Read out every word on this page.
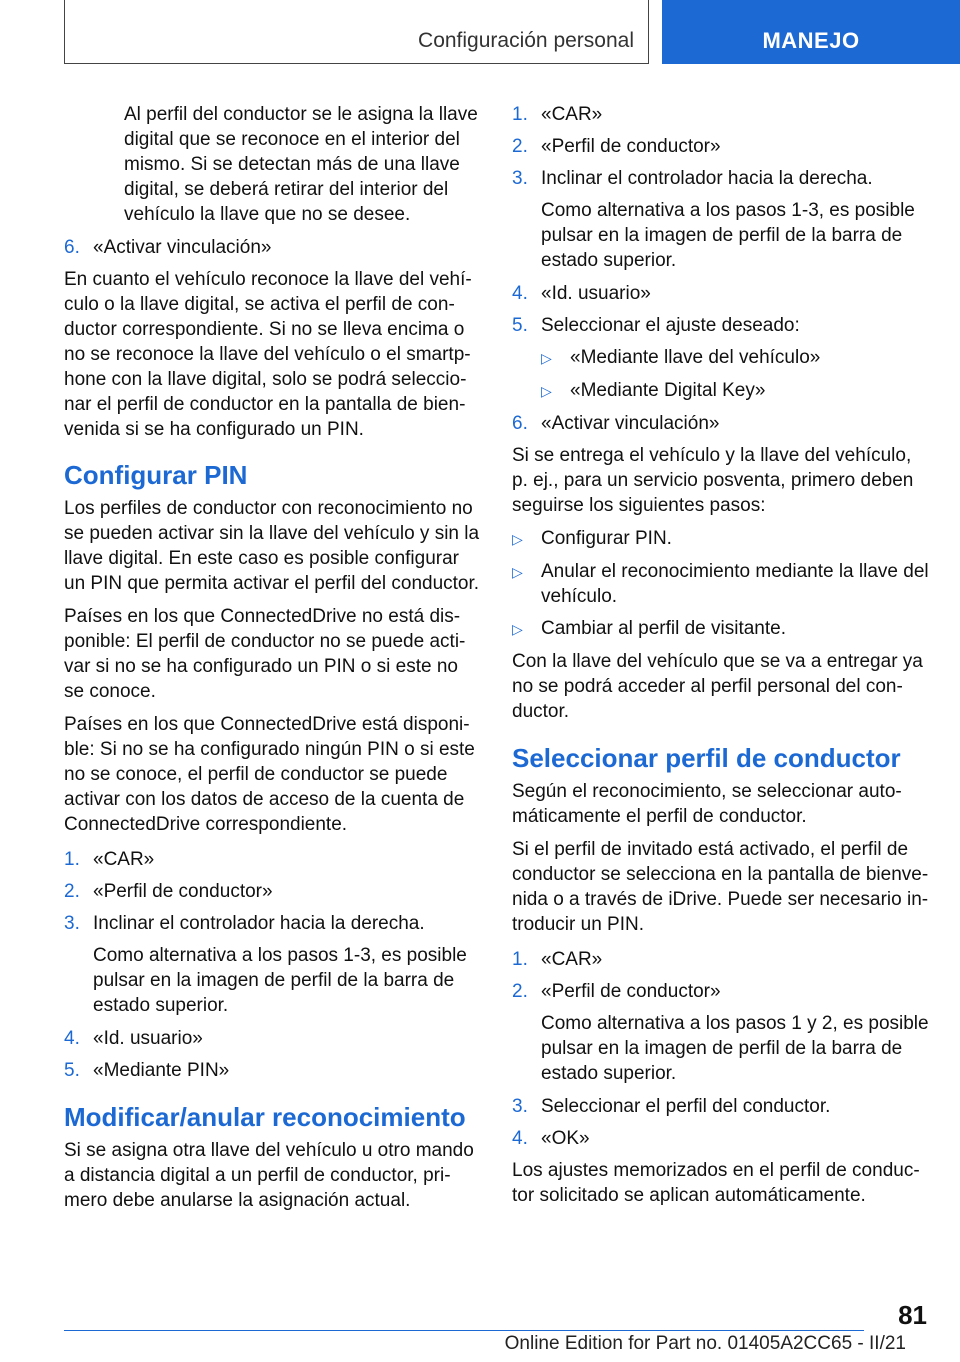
Configuración personal	MANEJO

Al perfil del conductor se le asigna la llave digital que se reconoce en el interior del mismo. Si se detectan más de una llave digital, se deberá retirar del interior del vehículo la llave que no se desee.

6. «Activar vinculación»

En cuanto el vehículo reconoce la llave del vehículo o la llave digital, se activa el perfil de conductor correspondiente. Si no se lleva encima o no se reconoce la llave del vehículo o el smartphone con la llave digital, solo se podrá seleccionar el perfil de conductor en la pantalla de bienvenida si se ha configurado un PIN.

Configurar PIN

Los perfiles de conductor con reconocimiento no se pueden activar sin la llave del vehículo y sin la llave digital. En este caso es posible configurar un PIN que permita activar el perfil del conductor.

Países en los que ConnectedDrive no está disponible: El perfil de conductor no se puede activar si no se ha configurado un PIN o si este no se conoce.

Países en los que ConnectedDrive está disponible: Si no se ha configurado ningún PIN o si este no se conoce, el perfil de conductor se puede activar con los datos de acceso de la cuenta de ConnectedDrive correspondiente.

1. «CAR»
2. «Perfil de conductor»
3. Inclinar el controlador hacia la derecha.

Como alternativa a los pasos 1-3, es posible pulsar en la imagen de perfil de la barra de estado superior.

4. «Id. usuario»
5. «Mediante PIN»
Modificar/anular reconocimiento

Si se asigna otra llave del vehículo u otro mando a distancia digital a un perfil de conductor, primero debe anularse la asignación actual.

1. «CAR»
2. «Perfil de conductor»
3. Inclinar el controlador hacia la derecha.

Como alternativa a los pasos 1-3, es posible pulsar en la imagen de perfil de la barra de estado superior.

4. «Id. usuario»
5. Seleccionar el ajuste deseado:
▷ «Mediante llave del vehículo»
▷ «Mediante Digital Key»
6. «Activar vinculación»

Si se entrega el vehículo y la llave del vehículo, p. ej., para un servicio posventa, primero deben seguirse los siguientes pasos:

▷ Configurar PIN.
▷ Anular el reconocimiento mediante la llave del vehículo.
▷ Cambiar al perfil de visitante.

Con la llave del vehículo que se va a entregar ya no se podrá acceder al perfil personal del conductor.

Seleccionar perfil de conductor

Según el reconocimiento, se seleccionar automáticamente el perfil de conductor.

Si el perfil de invitado está activado, el perfil de conductor se selecciona en la pantalla de bienvenida o a través de iDrive. Puede ser necesario introducir un PIN.

1. «CAR»
2. «Perfil de conductor»

Como alternativa a los pasos 1 y 2, es posible pulsar en la imagen de perfil de la barra de estado superior.

3. Seleccionar el perfil del conductor.
4. «OK»

Los ajustes memorizados en el perfil de conductor solicitado se aplican automáticamente.

81
Online Edition for Part no. 01405A2CC65 - II/21
